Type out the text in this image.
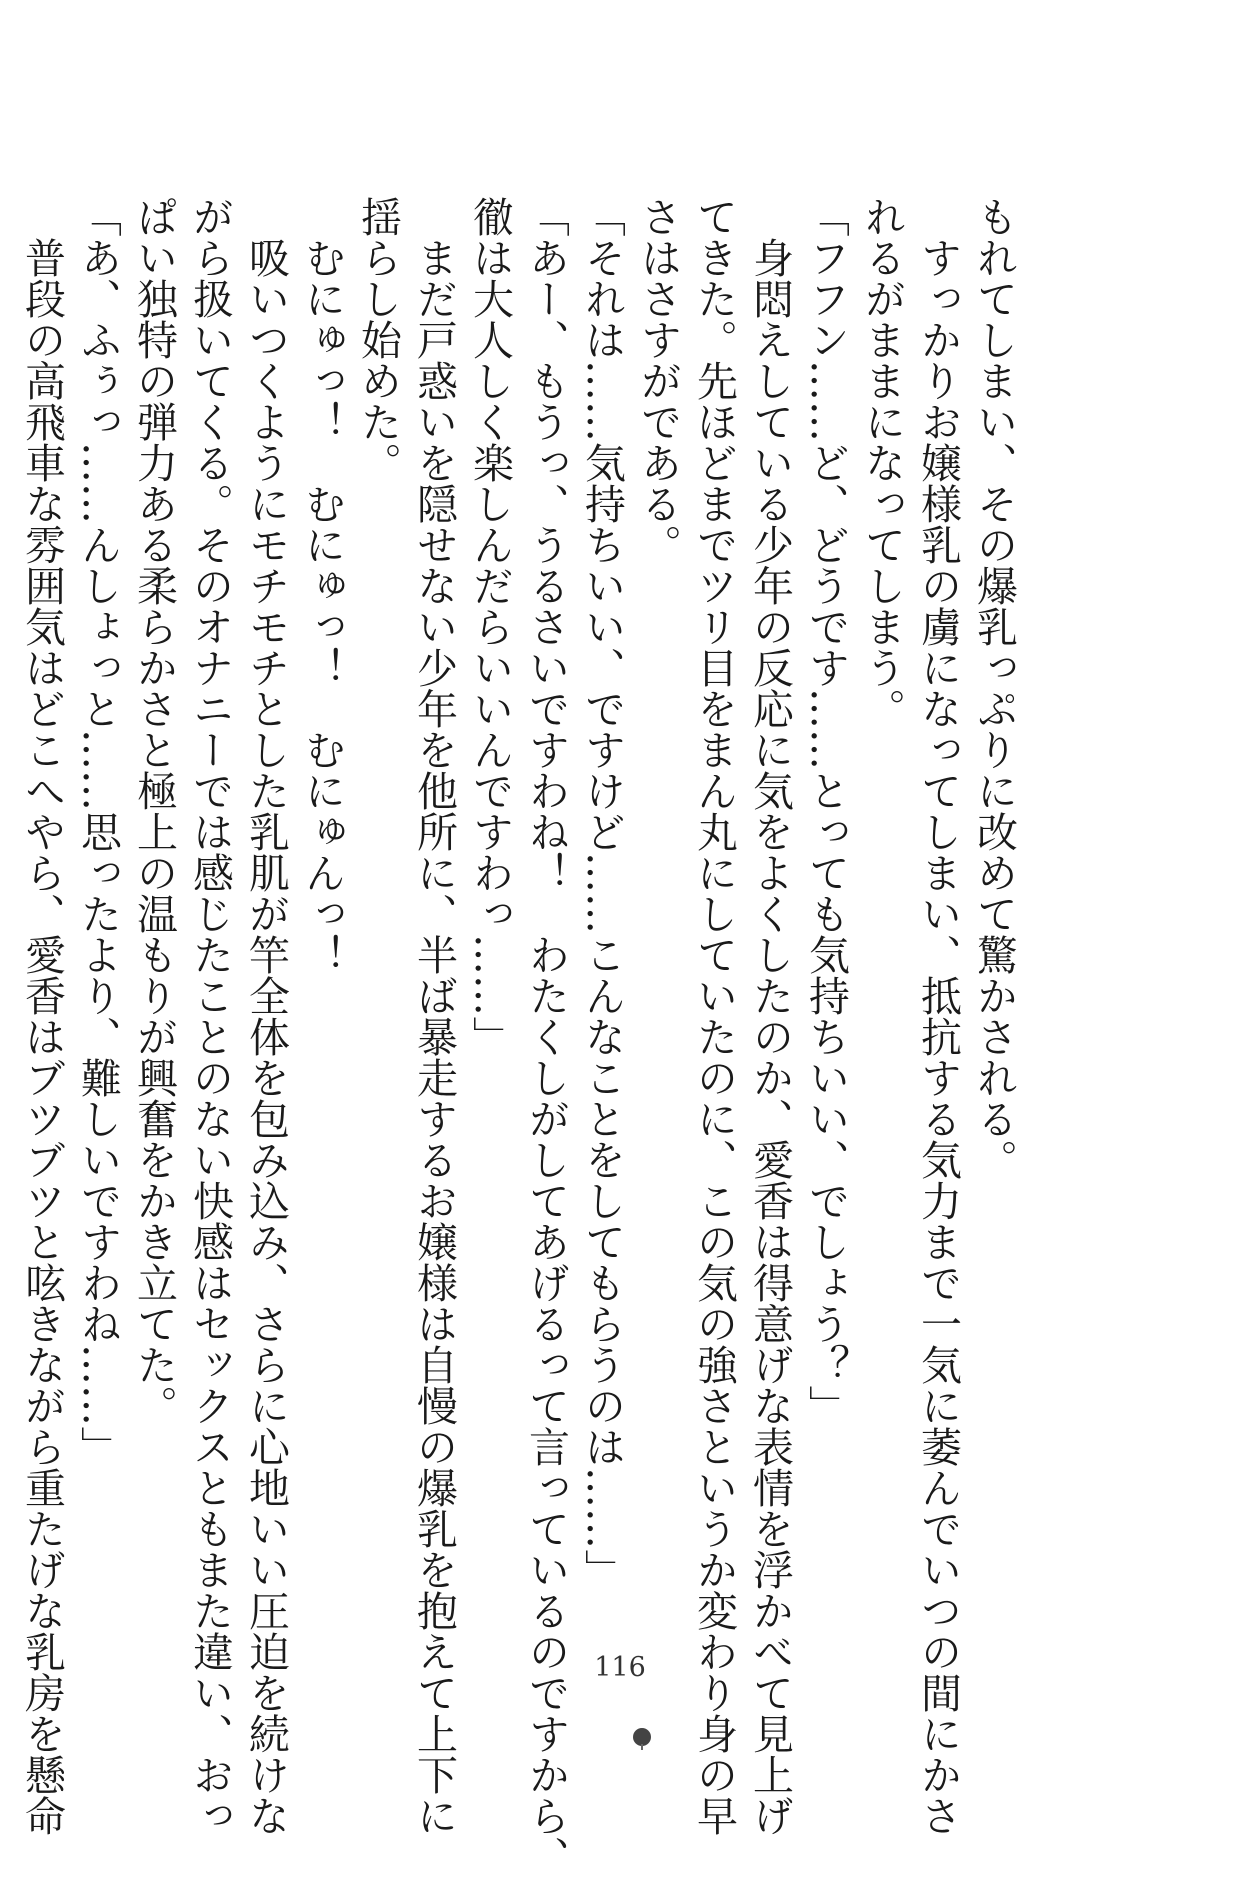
もれてしまい、その爆乳っぷりに改めて驚かされる。

すっかりお嬢様乳の虜になってしまい、抵抗する気力まで一気に萎んでいつの間にかさ

れるがままになってしまう。

「フフン……ど、どうです……とっても気持ちいい、でしょう？」

身悶えしている少年の反応に気をよくしたのか、愛香は得意げな表情を浮かべて見上げ

てきた。先ほどまでツリ目をまん丸にしていたのに、この気の強さというか変わり身の早

さはさすがである。

「それは……気持ちいい、ですけど……こんなことをしてもらうのは……」

「あー、もうっ、うるさいですわね！　わたくしがしてあげるって言っているのですから、

徹は大人しく楽しんだらいいんですわっ……」

まだ戸惑いを隠せない少年を他所に、半ば暴走するお嬢様は自慢の爆乳を抱えて上下に

揺らし始めた。

むにゅっ！　むにゅっ！　むにゅんっ！

吸いつくようにモチモチとした乳肌が竿全体を包み込み、さらに心地いい圧迫を続けな

がら扱いてくる。そのオナニーでは感じたことのない快感はセックスともまた違い、おっ

ぱい独特の弾力ある柔らかさと極上の温もりが興奮をかき立てた。

「あ、ふぅっ……んしょっと……思ったより、難しいですわね……」

普段の高飛車な雰囲気はどこへやら、愛香はブツブツと呟きながら重たげな乳房を懸命	116
